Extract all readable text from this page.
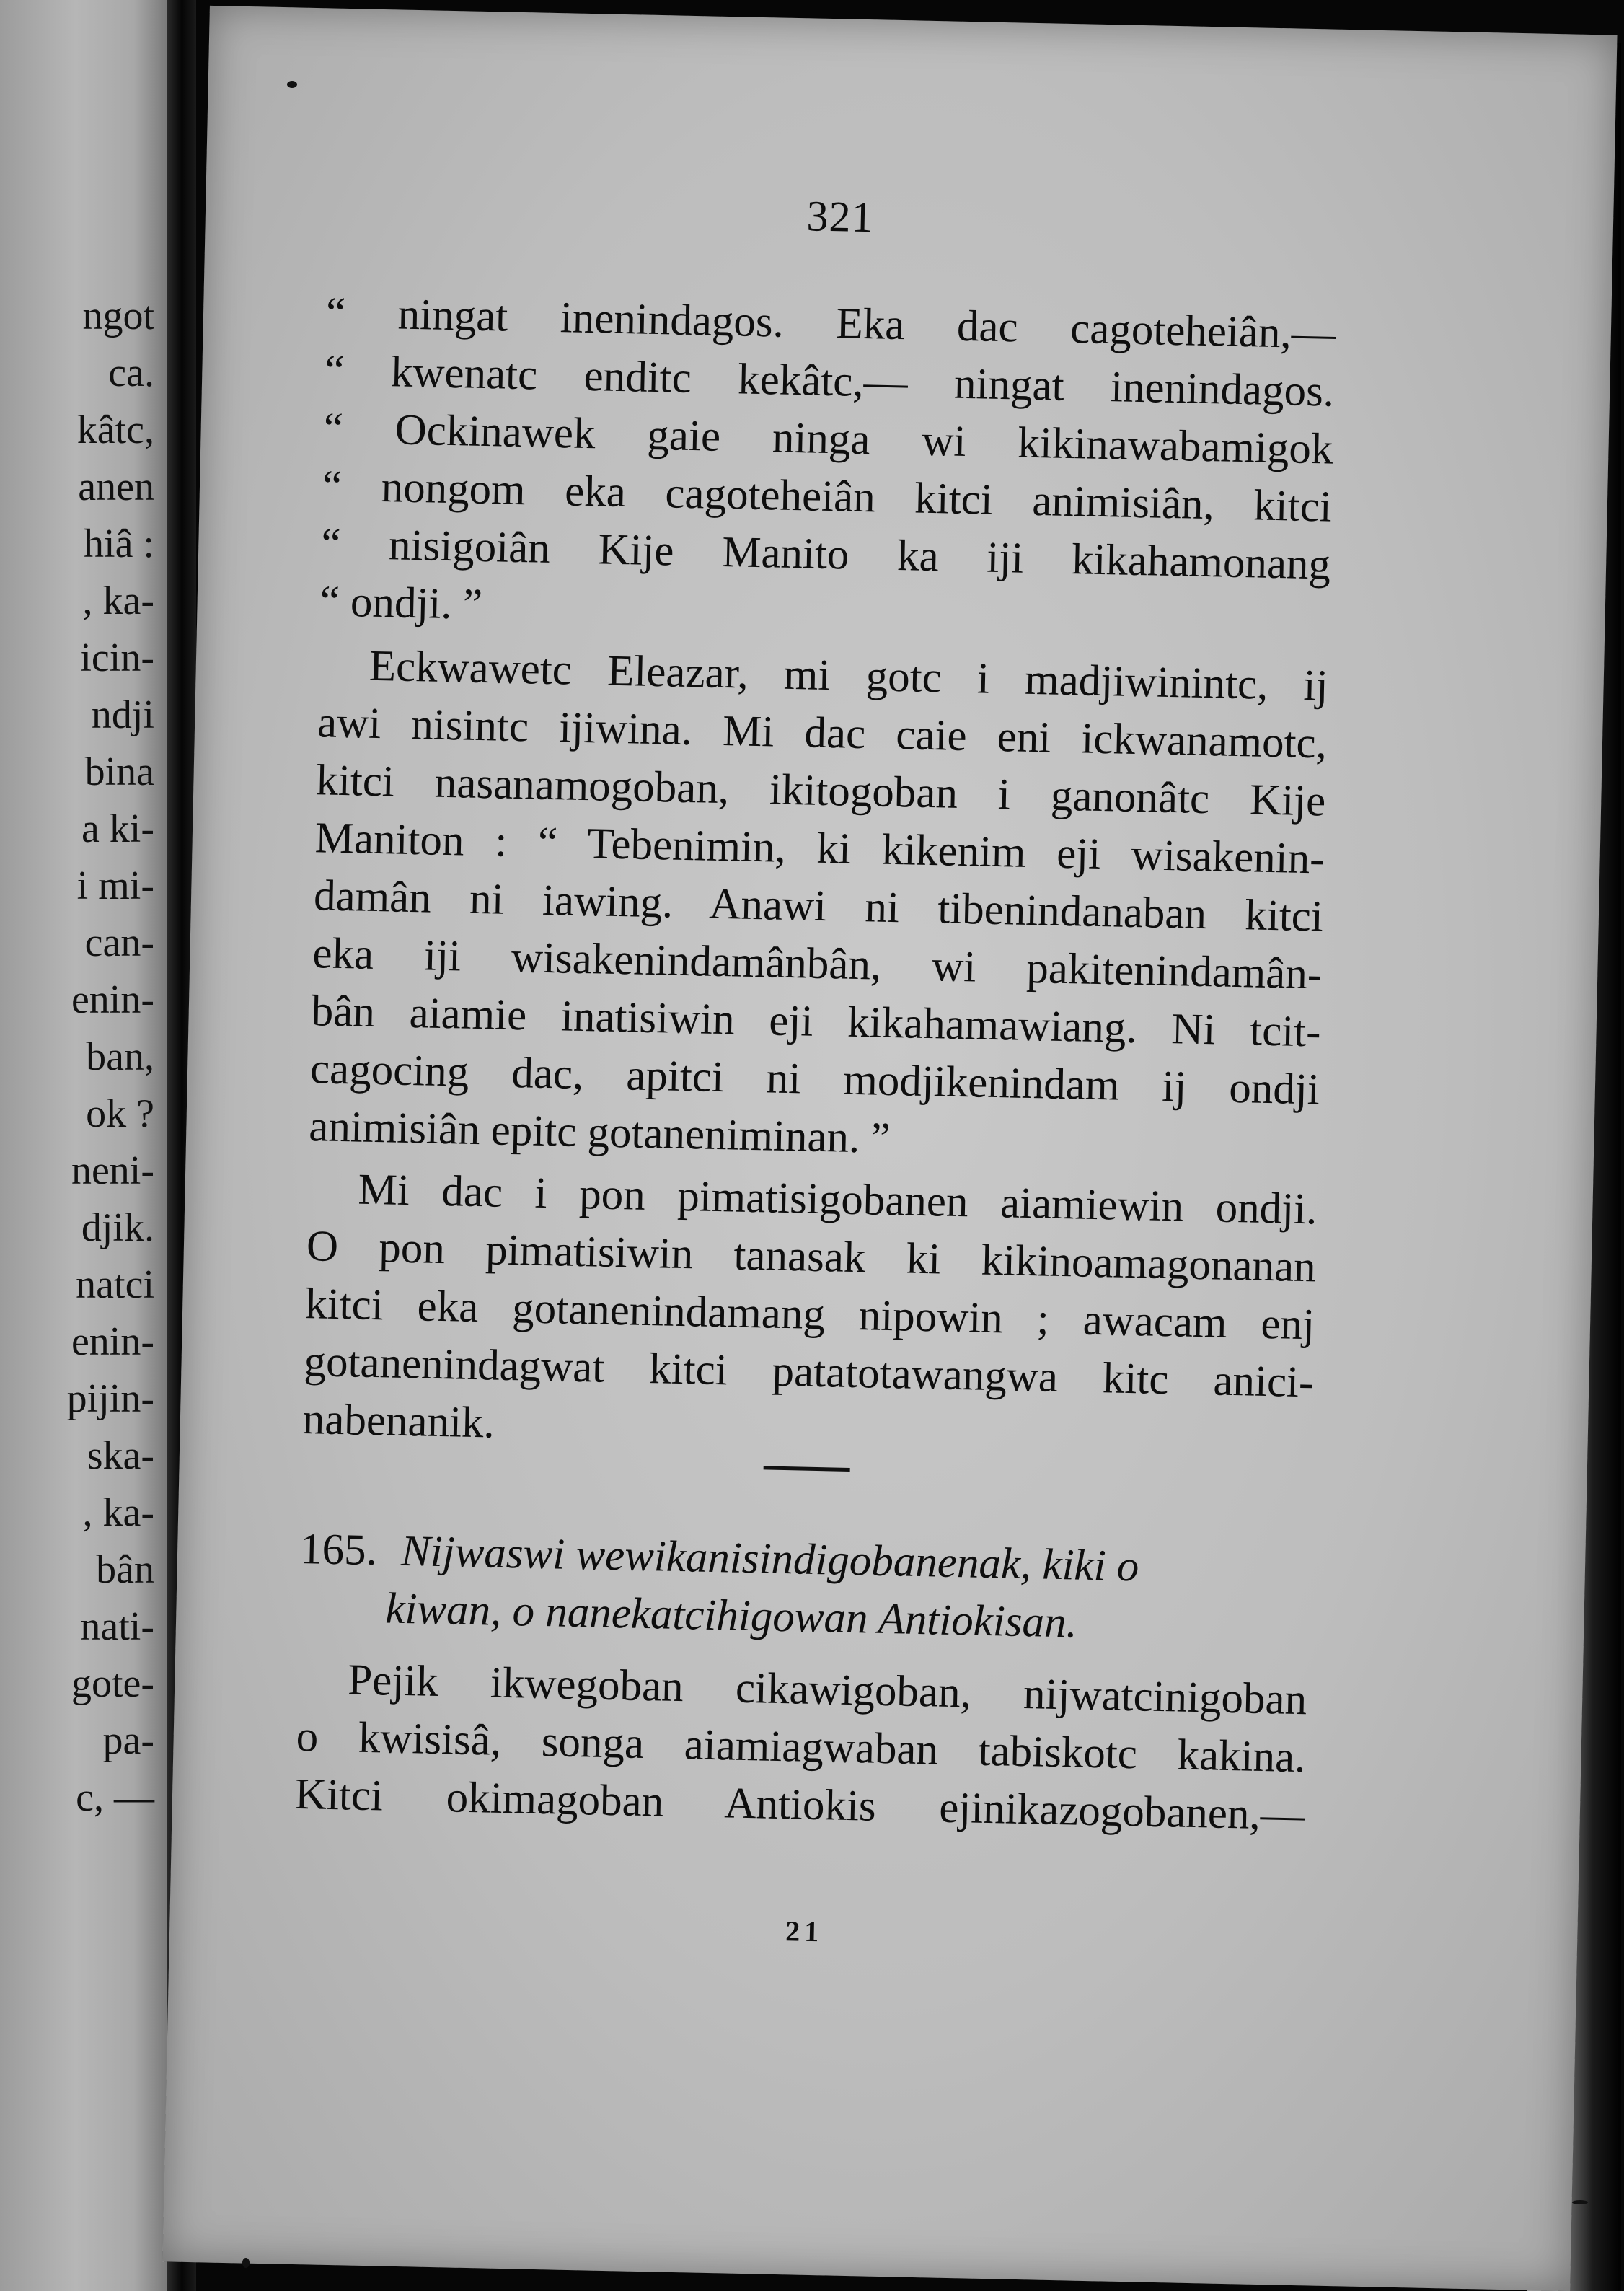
ngot
ca.
kâtc,
anen
hiâ :
, ka-
icin-
ndji
bina
a ki-
i mi-
can-
enin-
ban,
ok ?
neni-
djik.
natci
enin-
pijin-
ska-
, ka-
bân
nati-
gote-
pa-
c, —
321
“ ningat inenindagos. Eka dac cagoteheiân,—
“ kwenatc enditc kekâtc,— ningat inenindagos.
“ Ockinawek gaie ninga wi kikinawabamigok
“ nongom eka cagoteheiân kitci animisiân, kitci
“ nisigoiân Kije Manito ka iji kikahamonang
“ ondji. ”
Eckwawetc Eleazar, mi gotc i madjiwinintc, ij
awi nisintc ijiwina. Mi dac caie eni ickwanamotc,
kitci nasanamogoban, ikitogoban i ganonâtc Kije
Maniton : “ Tebenimin, ki kikenim eji wisakenin-
damân ni iawing. Anawi ni tibenindanaban kitci
eka iji wisakenindamânbân, wi pakitenindamân-
bân aiamie inatisiwin eji kikahamawiang. Ni tcit-
cagocing dac, apitci ni modjikenindam ij ondji
animisiân epitc gotaneniminan. ”
Mi dac i pon pimatisigobanen aiamiewin ondji.
O pon pimatisiwin tanasak ki kikinoamagonanan
kitci eka gotanenindamang nipowin ; awacam enj
gotanenindagwat kitci patatotawangwa kitc anici-
nabenanik.
165. Nijwaswi wewikanisindigobanenak, kiki o
kiwan, o nanekatcihigowan Antiokisan.
Pejik ikwegoban cikawigoban, nijwatcinigoban
o kwisisâ, songa aiamiagwaban tabiskotc kakina.
Kitci okimagoban Antiokis ejinikazogobanen,—
21
